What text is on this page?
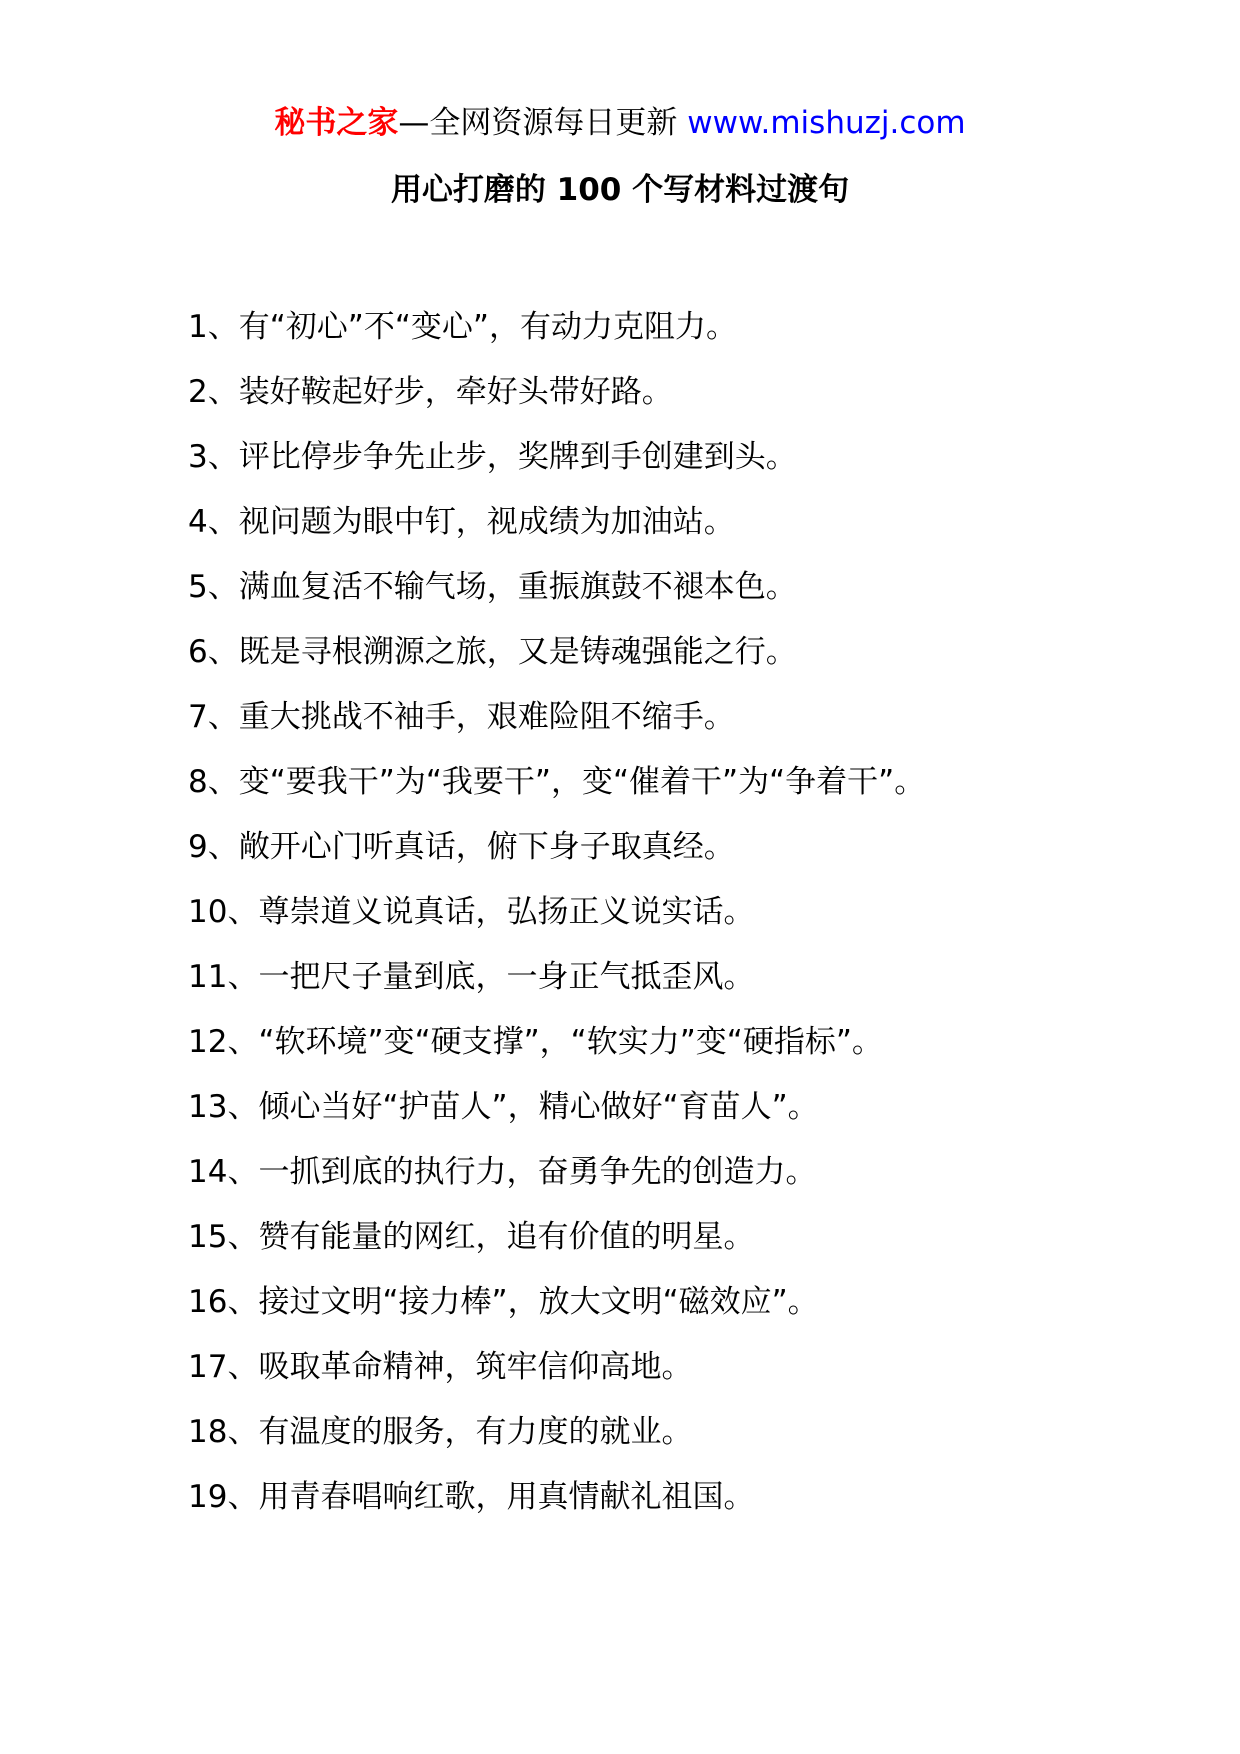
秘书之家—全网资源每日更新 www.mishuzj.com
用心打磨的 100 个写材料过渡句
1、有“初心”不“变心”，有动力克阻力。
2、装好鞍起好步，牵好头带好路。
3、评比停步争先止步，奖牌到手创建到头。
4、视问题为眼中钉，视成绩为加油站。
5、满血复活不输气场，重振旗鼓不褪本色。
6、既是寻根溯源之旅，又是铸魂强能之行。
7、重大挑战不袖手，艰难险阻不缩手。
8、变“要我干”为“我要干”，变“催着干”为“争着干”。
9、敞开心门听真话，俯下身子取真经。
10、尊崇道义说真话，弘扬正义说实话。
11、一把尺子量到底，一身正气抵歪风。
12、“软环境”变“硬支撑”，“软实力”变“硬指标”。
13、倾心当好“护苗人”，精心做好“育苗人”。
14、一抓到底的执行力，奋勇争先的创造力。
15、赞有能量的网红，追有价值的明星。
16、接过文明“接力棒”，放大文明“磁效应”。
17、吸取革命精神，筑牢信仰高地。
18、有温度的服务，有力度的就业。
19、用青春唱响红歌，用真情献礼祖国。
